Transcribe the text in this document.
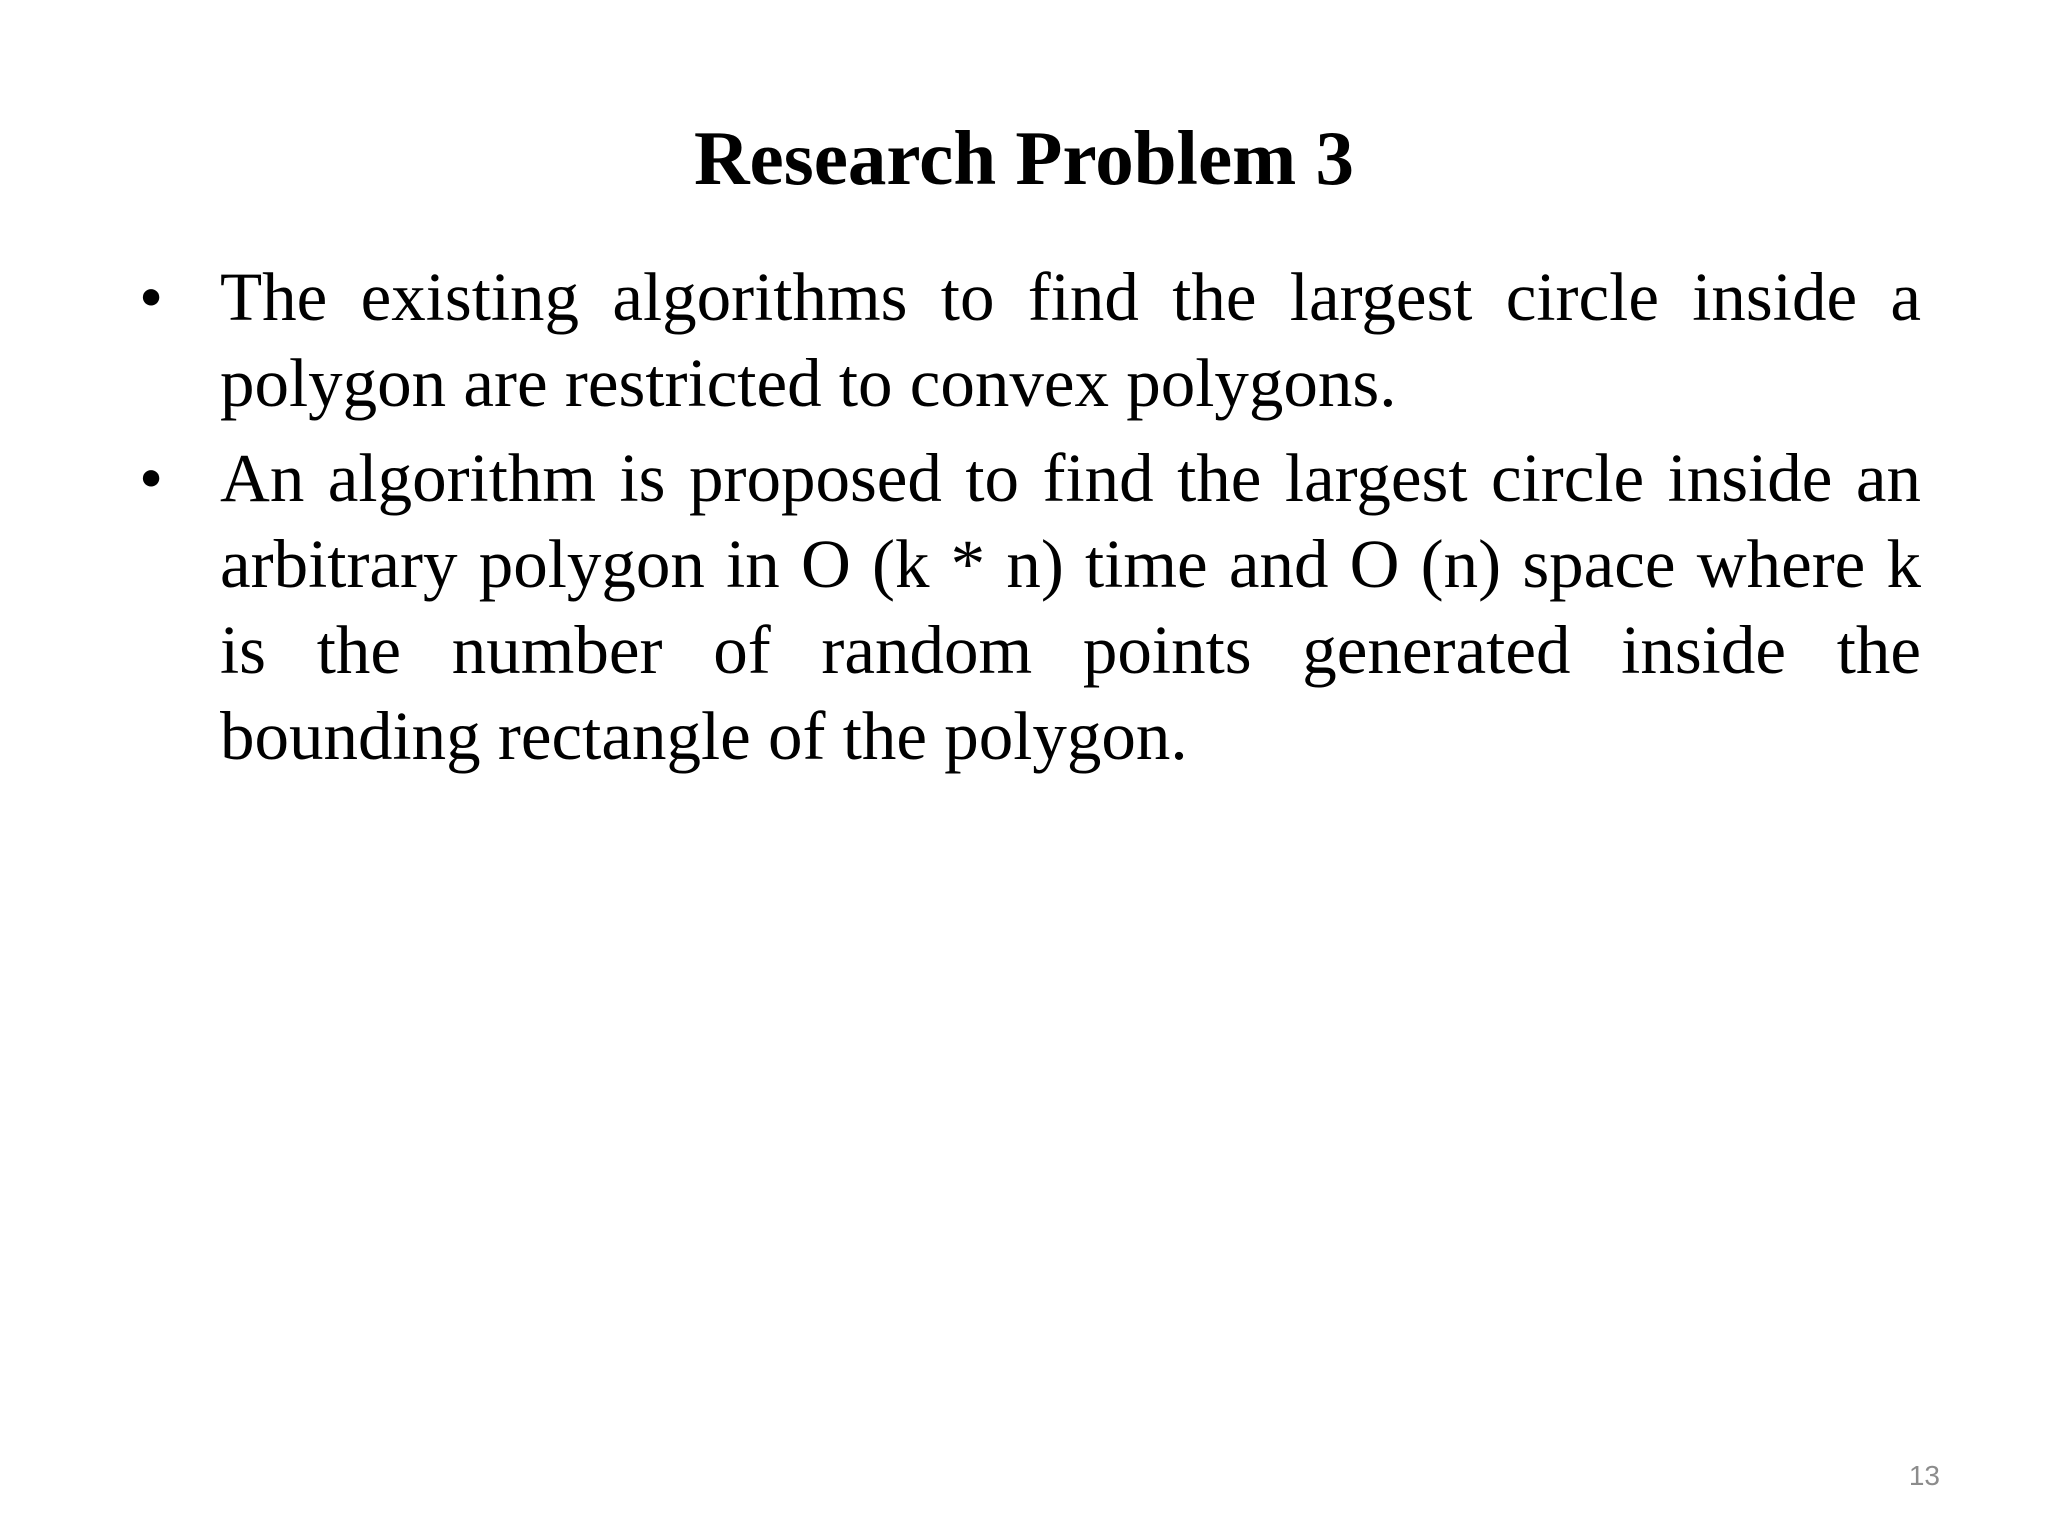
Research Problem 3
• The existing algorithms to find the largest circle inside a polygon are restricted to convex polygons.
• An algorithm is proposed to find the largest circle inside an arbitrary polygon in O (k * n) time and O (n) space where k is the number of random points generated inside the bounding rectangle of the polygon.
13
